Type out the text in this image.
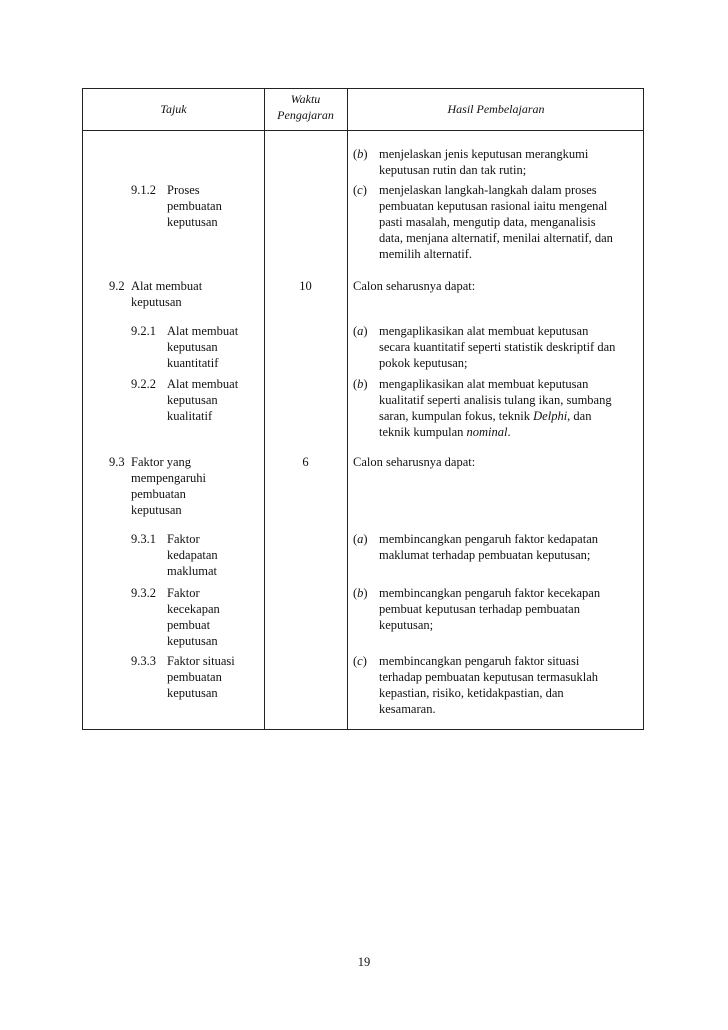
Tajuk
Waktu
Pengajaran	Hasil Pembelajaran
9.1.2 Proses
pembuatan
keputusan
9.2 Alat membuat
keputusan
10
9.2.1 Alat membuat
keputusan
kuantitatif
9.2.2 Alat membuat
keputusan
kualitatif
9.3 Faktor yang
mempengaruhi
pembuatan
keputusan
6
9.3.1 Faktor
kedapatan
maklumat
9.3.2 Faktor
kecekapan
pembuat
keputusan
9.3.3 Faktor situasi
pembuatan
keputusan
(b) menjelaskan jenis keputusan merangkumi
keputusan rutin dan tak rutin;
(c) menjelaskan langkah-langkah dalam proses
pembuatan keputusan rasional iaitu mengenal
pasti masalah, mengutip data, menganalisis
data, menjana alternatif, menilai alternatif, dan
memilih alternatif.
Calon seharusnya dapat:
(a) mengaplikasikan alat membuat keputusan
secara kuantitatif seperti statistik deskriptif dan
pokok keputusan;
(b) mengaplikasikan alat membuat keputusan
kualitatif seperti analisis tulang ikan, sumbang
saran, kumpulan fokus, teknik Delphi, dan
teknik kumpulan nominal.
Calon seharusnya dapat:
(a) membincangkan pengaruh faktor kedapatan
maklumat terhadap pembuatan keputusan;
(b) membincangkan pengaruh faktor kecekapan
pembuat keputusan terhadap pembuatan
keputusan;
(c) membincangkan pengaruh faktor situasi
terhadap pembuatan keputusan termasuklah
kepastian, risiko, ketidakpastian, dan
kesamaran.
19
